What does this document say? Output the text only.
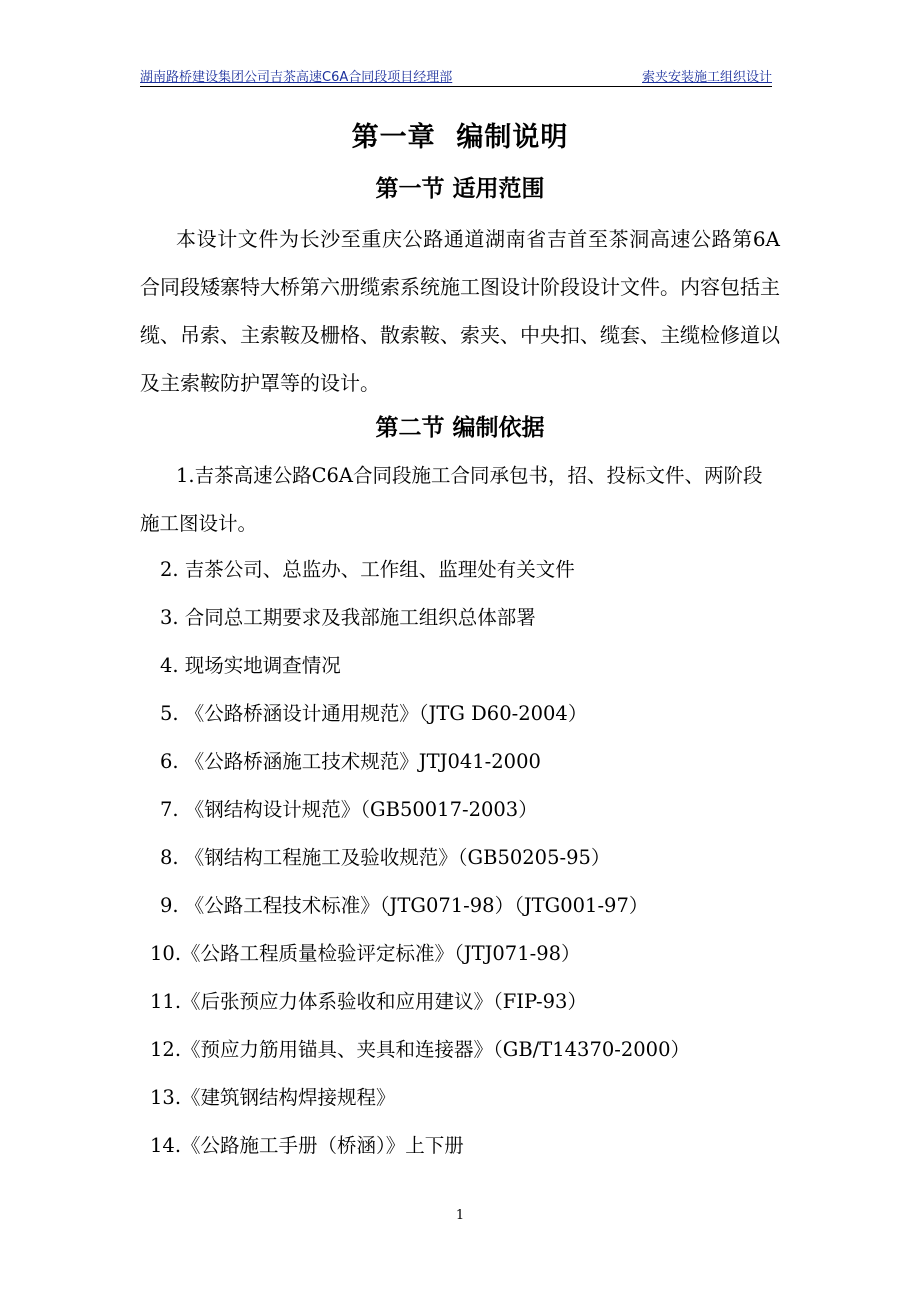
湖南路桥建设集团公司吉茶高速C6A合同段项目经理部	索夹安装施工组织设计
第一章  编制说明
第一节 适用范围
本设计文件为长沙至重庆公路通道湖南省吉首至茶洞高速公路第6A合同段矮寨特大桥第六册缆索系统施工图设计阶段设计文件。内容包括主缆、吊索、主索鞍及栅格、散索鞍、索夹、中央扣、缆套、主缆检修道以及主索鞍防护罩等的设计。
第二节 编制依据
1.吉茶高速公路C6A合同段施工合同承包书，招、投标文件、两阶段施工图设计。
2. 吉茶公司、总监办、工作组、监理处有关文件
3. 合同总工期要求及我部施工组织总体部署
4. 现场实地调查情况
5. 《公路桥涵设计通用规范》（JTG D60-2004）
6. 《公路桥涵施工技术规范》JTJ041-2000
7. 《钢结构设计规范》（GB50017-2003）
8. 《钢结构工程施工及验收规范》（GB50205-95）
9. 《公路工程技术标准》（JTG071-98）（JTG001-97）
10.《公路工程质量检验评定标准》（JTJ071-98）
11.《后张预应力体系验收和应用建议》（FIP-93）
12.《预应力筋用锚具、夹具和连接器》（GB/T14370-2000）
13.《建筑钢结构焊接规程》
14.《公路施工手册（桥涵）》上下册
1
